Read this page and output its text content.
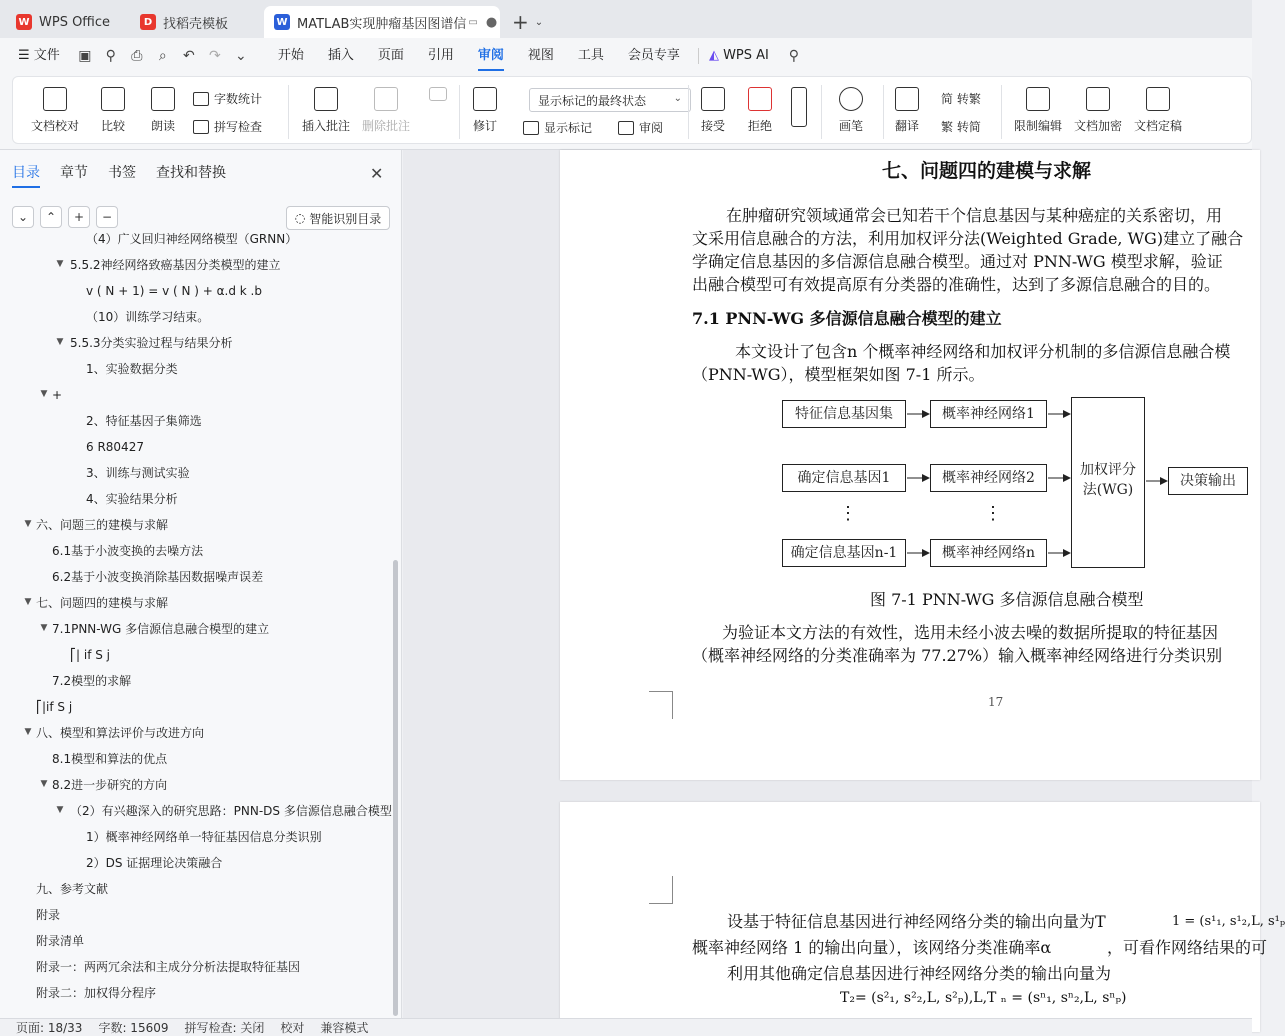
W WPS Office	D 找稻壳模板	W MATLAB实现肿瘤基因图谱信 ▭ ● + ⌄
☰ 文件	▣	⚲	⎙	⌕	↶	↷	⌄	开始	插入	页面	引用	审阅	视图	工具	会员专享	◭ WPS AI	⚲
文档校对 比较 朗读
字数统计
拼写检查	插入批注 删除批注	修订
显示标记的最终状态	⌄
显示标记	审阅	接受 拒绝	画笔	翻译
简 转繁
繁 转简	限制编辑 文档加密 文档定稿
目录 章节 书签 查找和替换	✕
⌄ ⌃ + −	◌ 智能识别目录
（4）广义回归神经网络模型（GRNN）
▼ 5.5.2神经网络致癌基因分类模型的建立
v ( N + 1) = v ( N ) + α.d k .b
（10）训练学习结束。
▼ 5.5.3分类实验过程与结果分析
1、实验数据分类
▼ +
2、特征基因子集筛选
6 R80427
3、训练与测试实验
4、实验结果分析
▼ 六、问题三的建模与求解
6.1基于小波变换的去噪方法
6.2基于小波变换消除基因数据噪声误差
▼ 七、问题四的建模与求解
▼ 7.1PNN-WG 多信源信息融合模型的建立
⎡| if S j
7.2模型的求解
⎡|if S j
▼ 八、模型和算法评价与改进方向
8.1模型和算法的优点
▼ 8.2进一步研究的方向
▼ （2）有兴趣深入的研究思路：PNN-DS 多信源信息融合模型
1）概率神经网络单一特征基因信息分类识别
2）DS 证据理论决策融合
九、参考文献
附录
附录清单
附录一：两两冗余法和主成分分析法提取特征基因
附录二：加权得分程序
七、问题四的建模与求解
在肿瘤研究领域通常会已知若干个信息基因与某种癌症的关系密切，用
文采用信息融合的方法，利用加权评分法(Weighted Grade, WG)建立了融合
学确定信息基因的多信源信息融合模型。通过对 PNN-WG 模型求解，验证
出融合模型可有效提高原有分类器的准确性，达到了多源信息融合的目的。
7.1 PNN-WG 多信源信息融合模型的建立
本文设计了包含n 个概率神经网络和加权评分机制的多信源信息融合模
（PNN-WG），模型框架如图 7-1 所示。
特征信息基因集
确定信息基因1
确定信息基因n-1
概率神经网络1
概率神经网络2
概率神经网络n
加权评分法(WG)
决策输出
⋮	⋮
图 7-1 PNN-WG 多信源信息融合模型
为验证本文方法的有效性，选用未经小波去噪的数据所提取的特征基因
（概率神经网络的分类准确率为 77.27%）输入概率神经网络进行分类识别
17
设基于特征信息基因进行神经网络分类的输出向量为T	1 = (s¹₁, s¹₂,L, s¹ₚ
概率神经网络 1 的输出向量），该网络分类准确率α	，可看作网络结果的可
利用其他确定信息基因进行神经网络分类的输出向量为
T₂= (s²₁, s²₂,L, s²ₚ),L,T ₙ = (sⁿ₁, sⁿ₂,L, sⁿₚ)
页面: 18/33 字数: 15609 拼写检查: 关闭 校对 兼容模式
